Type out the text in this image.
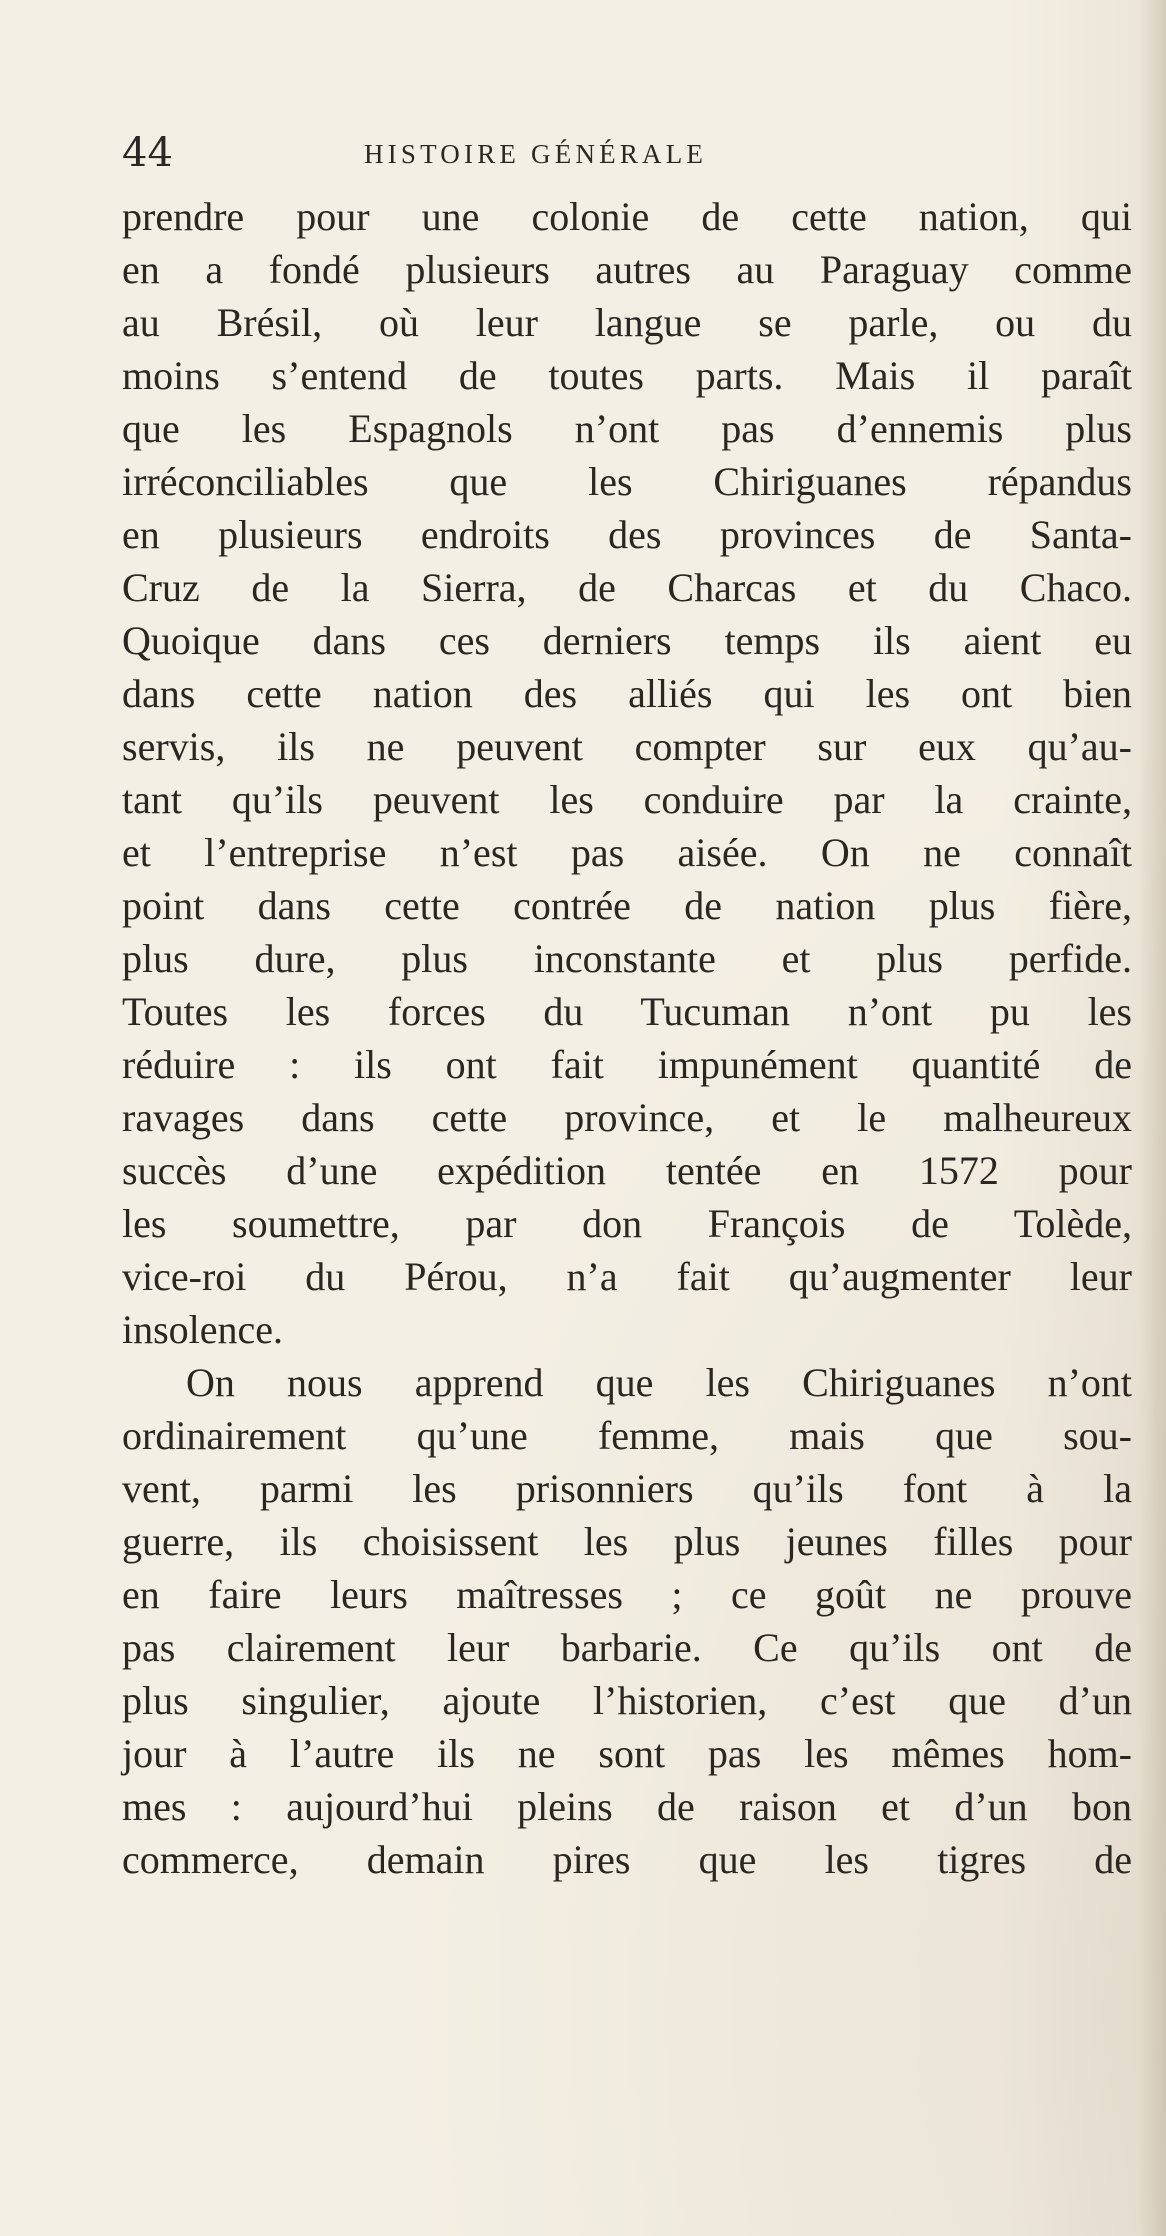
44	HISTOIRE GÉNÉRALE
prendre pour une colonie de cette nation, qui
en a fondé plusieurs autres au Paraguay comme
au Brésil, où leur langue se parle, ou du
moins s’entend de toutes parts. Mais il paraît
que les Espagnols n’ont pas d’ennemis plus
irréconciliables que les Chiriguanes répandus
en plusieurs endroits des provinces de Santa-
Cruz de la Sierra, de Charcas et du Chaco.
Quoique dans ces derniers temps ils aient eu
dans cette nation des alliés qui les ont bien
servis, ils ne peuvent compter sur eux qu’au-
tant qu’ils peuvent les conduire par la crainte,
et l’entreprise n’est pas aisée. On ne connaît
point dans cette contrée de nation plus fière,
plus dure, plus inconstante et plus perfide.
Toutes les forces du Tucuman n’ont pu les
réduire : ils ont fait impunément quantité de
ravages dans cette province, et le malheureux
succès d’une expédition tentée en 1572 pour
les soumettre, par don François de Tolède,
vice-roi du Pérou, n’a fait qu’augmenter leur
insolence.
On nous apprend que les Chiriguanes n’ont
ordinairement qu’une femme, mais que sou-
vent, parmi les prisonniers qu’ils font à la
guerre, ils choisissent les plus jeunes filles pour
en faire leurs maîtresses ; ce goût ne prouve
pas clairement leur barbarie. Ce qu’ils ont de
plus singulier, ajoute l’historien, c’est que d’un
jour à l’autre ils ne sont pas les mêmes hom-
mes : aujourd’hui pleins de raison et d’un bon
commerce, demain pires que les tigres de
